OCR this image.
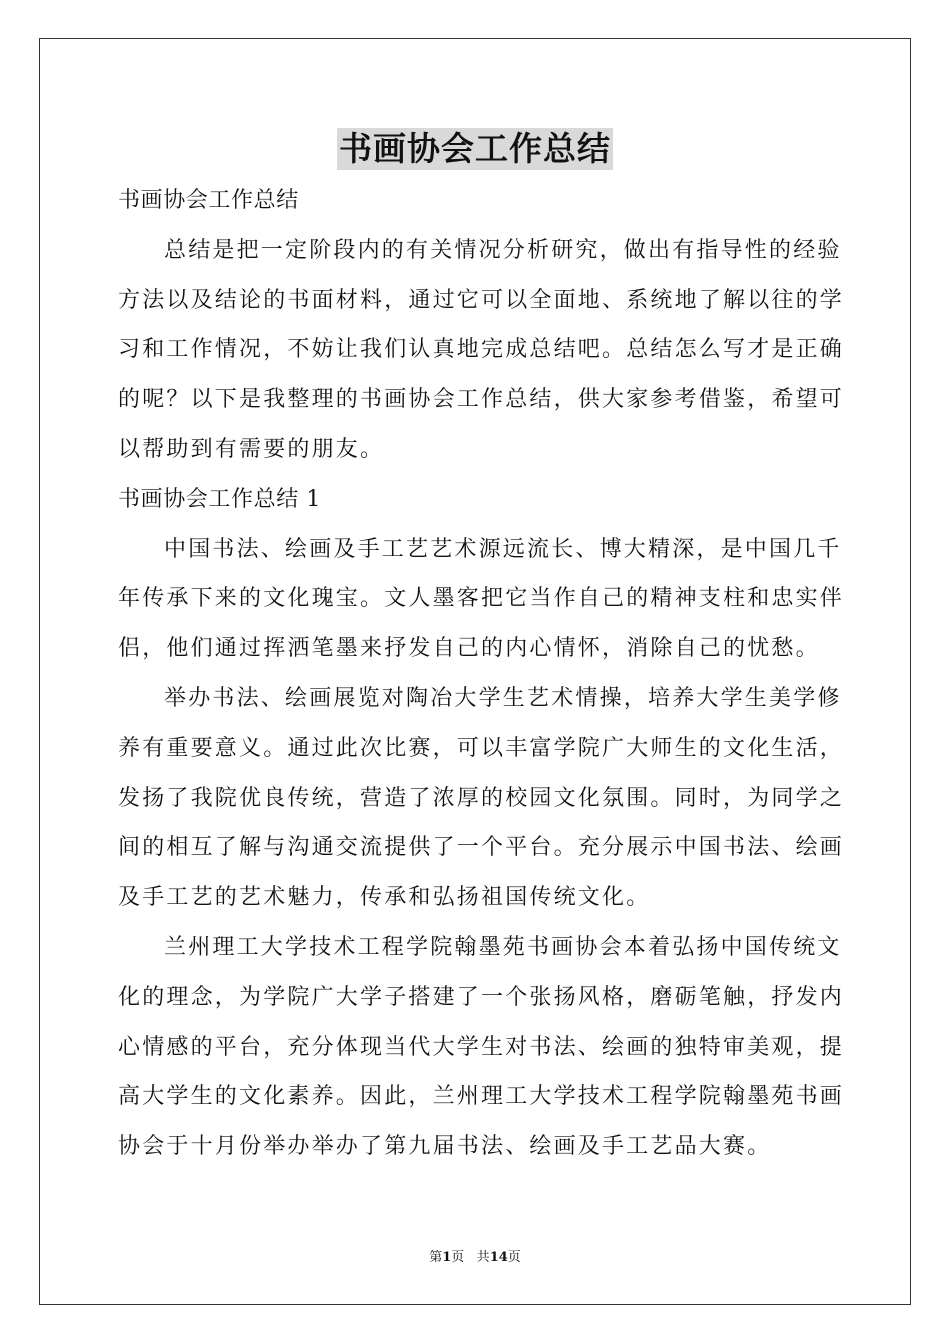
书画协会工作总结
书画协会工作总结
总结是把一定阶段内的有关情况分析研究，做出有指导性的经验
方法以及结论的书面材料，通过它可以全面地、系统地了解以往的学
习和工作情况，不妨让我们认真地完成总结吧。总结怎么写才是正确
的呢？以下是我整理的书画协会工作总结，供大家参考借鉴，希望可
以帮助到有需要的朋友。
书画协会工作总结 1
中国书法、绘画及手工艺艺术源远流长、博大精深，是中国几千
年传承下来的文化瑰宝。文人墨客把它当作自己的精神支柱和忠实伴
侣，他们通过挥洒笔墨来抒发自己的内心情怀，消除自己的忧愁。
举办书法、绘画展览对陶冶大学生艺术情操，培养大学生美学修
养有重要意义。通过此次比赛，可以丰富学院广大师生的文化生活，
发扬了我院优良传统，营造了浓厚的校园文化氛围。同时，为同学之
间的相互了解与沟通交流提供了一个平台。充分展示中国书法、绘画
及手工艺的艺术魅力，传承和弘扬祖国传统文化。
兰州理工大学技术工程学院翰墨苑书画协会本着弘扬中国传统文
化的理念，为学院广大学子搭建了一个张扬风格，磨砺笔触，抒发内
心情感的平台，充分体现当代大学生对书法、绘画的独特审美观，提
高大学生的文化素养。因此，兰州理工大学技术工程学院翰墨苑书画
协会于十月份举办举办了第九届书法、绘画及手工艺品大赛。
第1页 共14页
